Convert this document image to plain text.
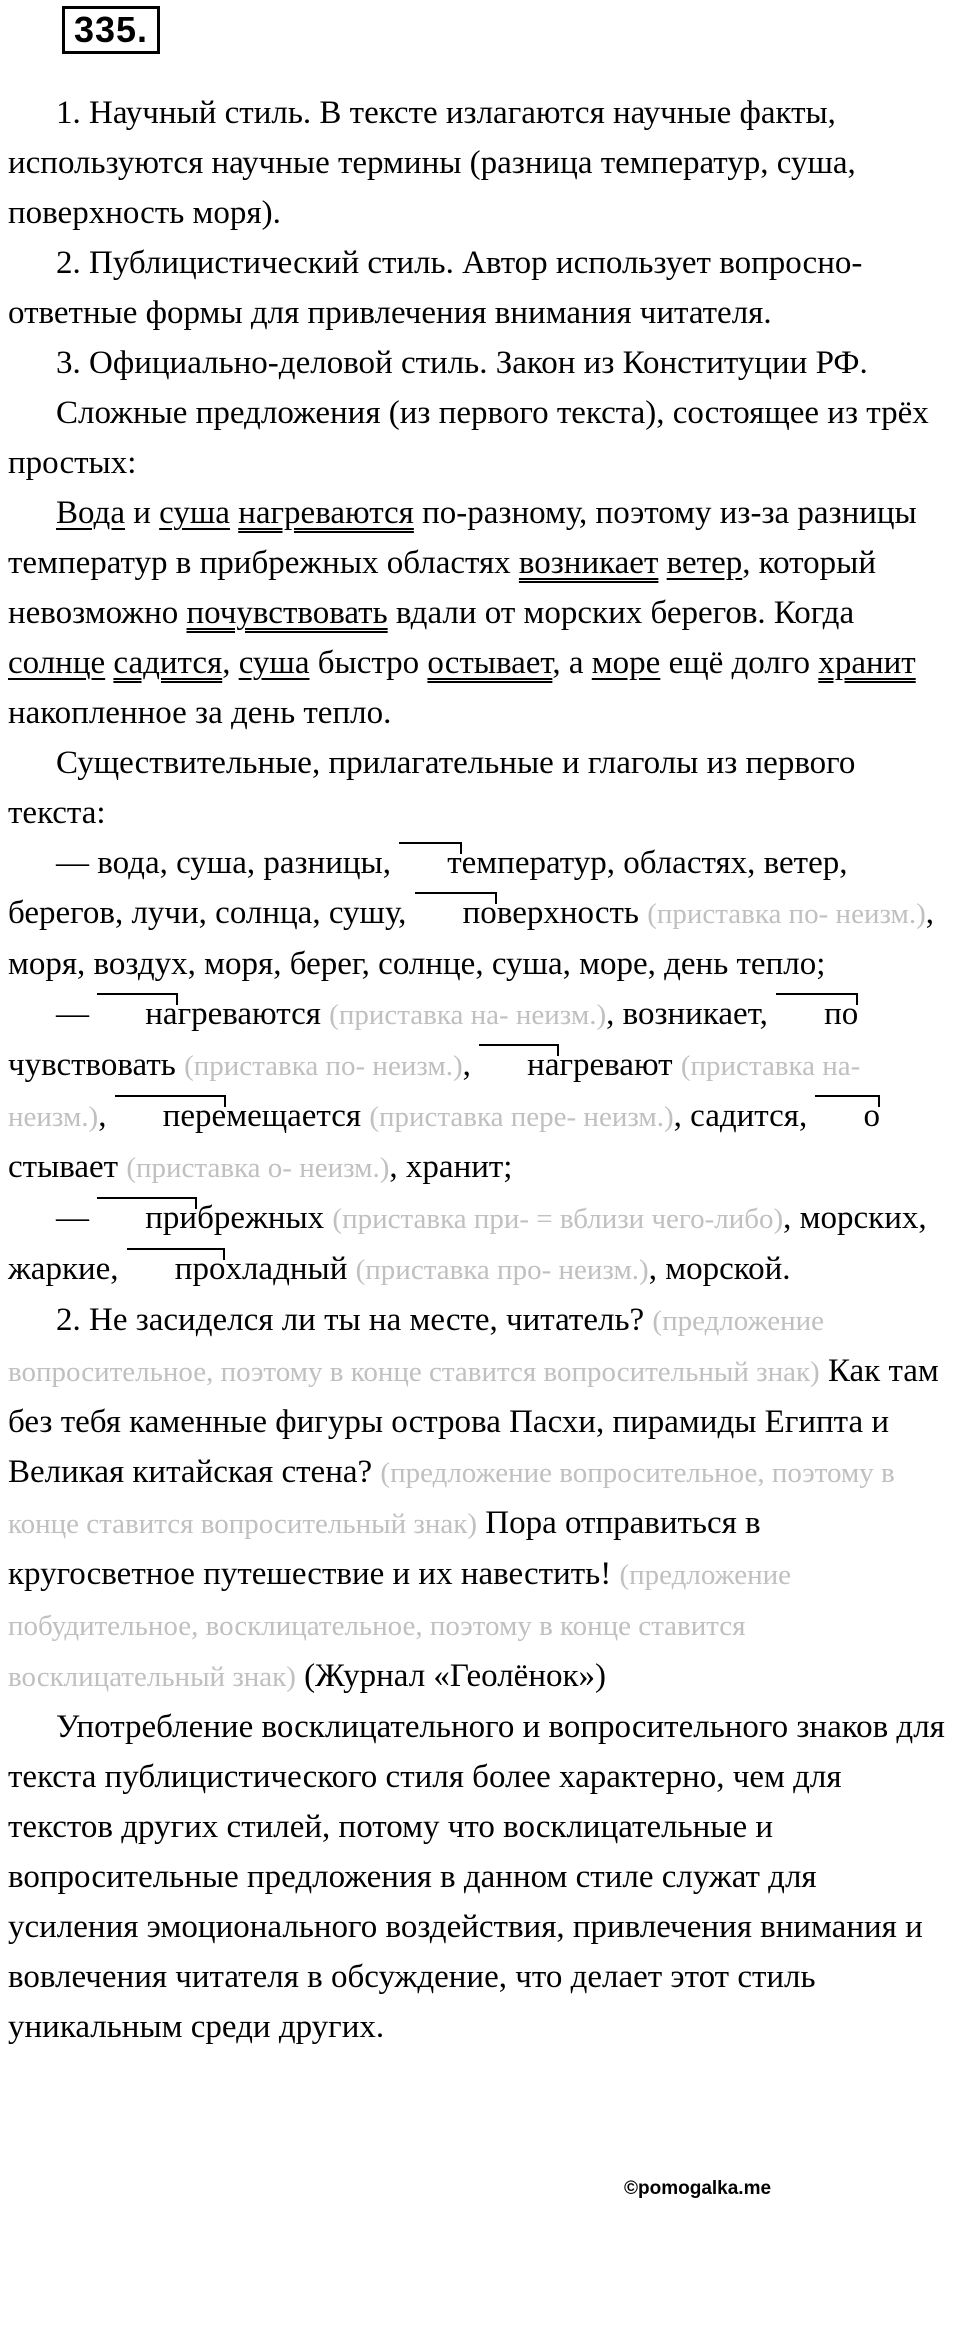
335.

1. Научный стиль. В тексте излагаются научные факты, используются научные термины (разница температур, суша, поверхность моря).

2. Публицистический стиль. Автор использует вопросно-ответные формы для привлечения внимания читателя.

3. Официально-деловой стиль. Закон из Конституции РФ.

Сложные предложения (из первого текста), состоящее из трёх простых:

Вода и суша нагреваются по-разному, поэтому из-за разницы температур в прибрежных областях возникает ветер, который невозможно почувствовать вдали от морских берегов. Когда солнце садится, суша быстро остывает, а море ещё долго хранит накопленное за день тепло.

Существительные, прилагательные и глаголы из первого текста:

— вода, суша, разницы, температур, областях, ветер, берегов, лучи, солнца, сушу, поверхность (приставка по- неизм.), моря, воздух, моря, берег, солнце, суша, море, день тепло;

— нагреваются (приставка на- неизм.), возникает, почувствовать (приставка по- неизм.), нагревают (приставка на- неизм.), перемещается (приставка пере- неизм.), садится, остывает (приставка о- неизм.), хранит;

— прибрежных (приставка при- = вблизи чего-либо), морских, жаркие, прохладный (приставка про- неизм.), морской.

2. Не засиделся ли ты на месте, читатель? (предложение вопросительное, поэтому в конце ставится вопросительный знак) Как там без тебя каменные фигуры острова Пасхи, пирамиды Египта и Великая китайская стена? (предложение вопросительное, поэтому в конце ставится вопросительный знак) Пора отправиться в кругосветное путешествие и их навестить! (предложение побудительное, восклицательное, поэтому в конце ставится восклицательный знак) (Журнал «Геолёнок»)

Употребление восклицательного и вопросительного знаков для текста публицистического стиля более характерно, чем для текстов других стилей, потому что восклицательные и вопросительные предложения в данном стиле служат для усиления эмоционального воздействия, привлечения внимания и вовлечения читателя в обсуждение, что делает этот стиль уникальным среди других.

©pomogalka.me
